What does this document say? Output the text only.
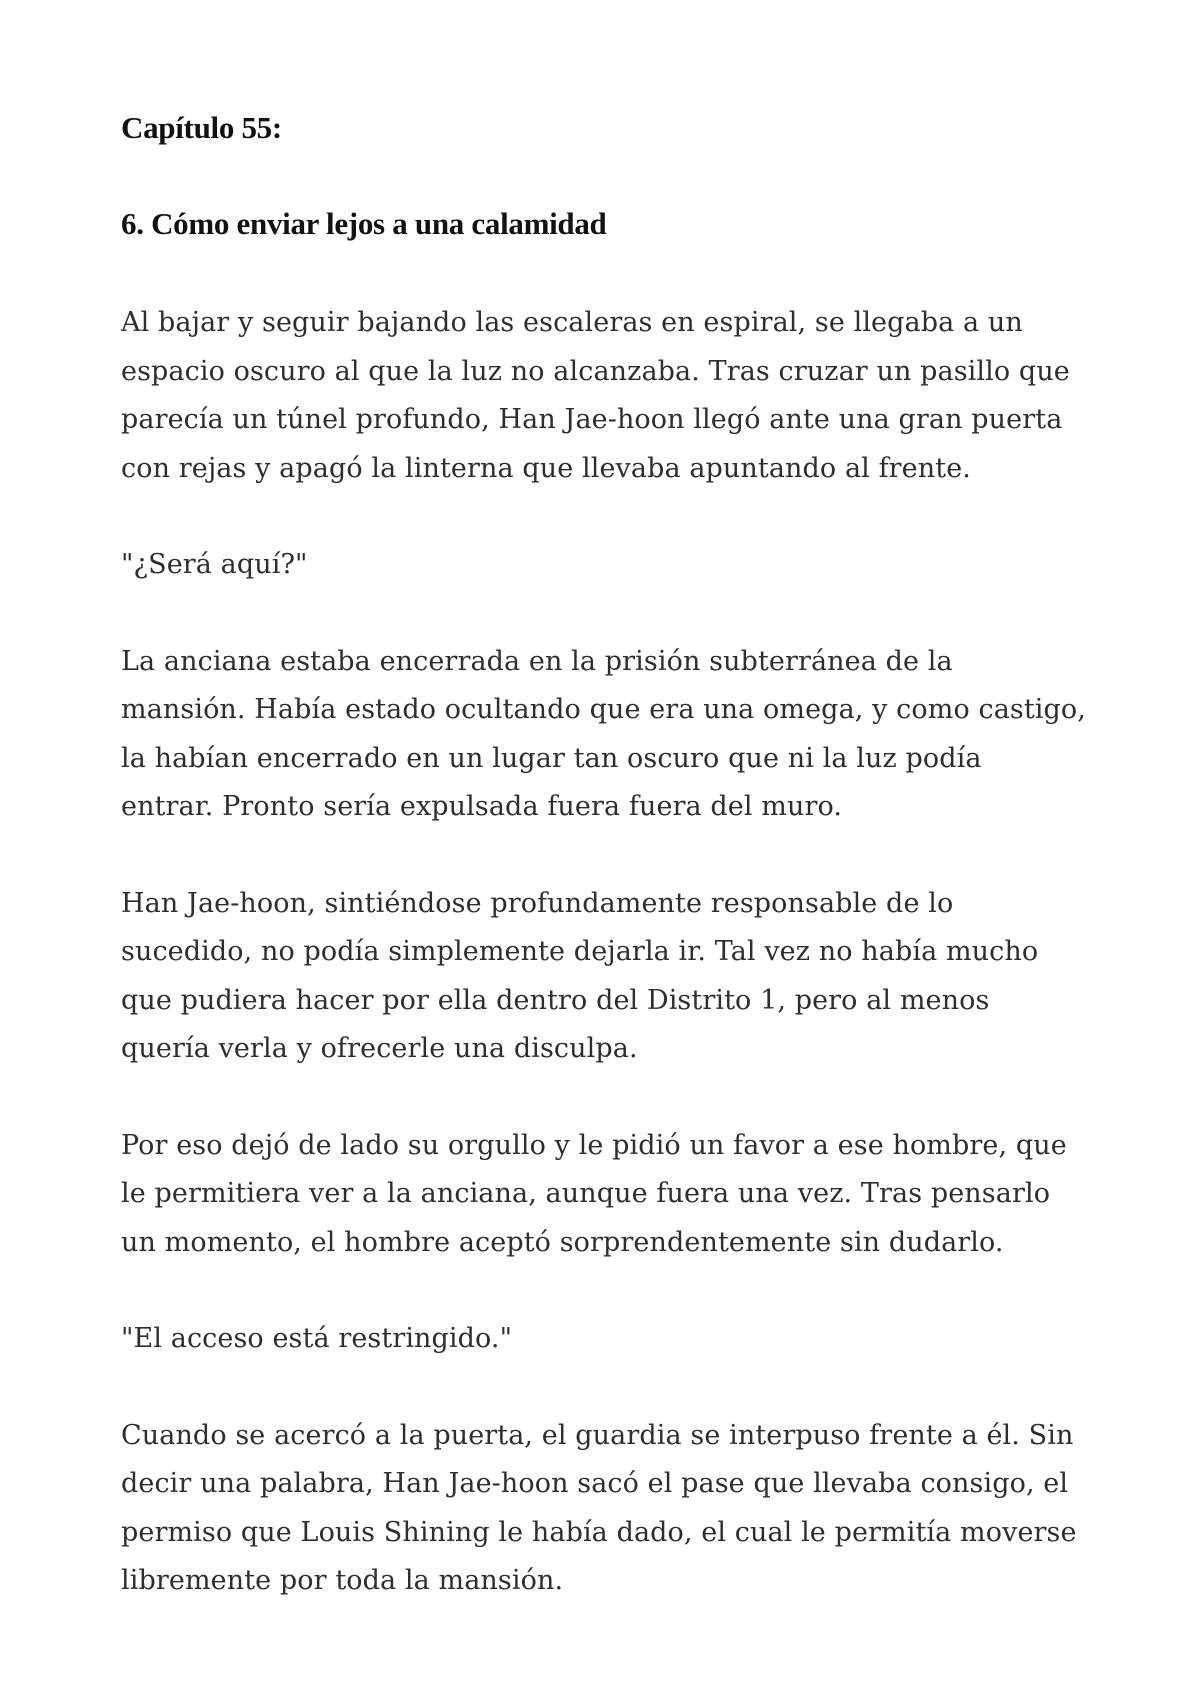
Capítulo 55:
6. Cómo enviar lejos a una calamidad
Al bajar y seguir bajando las escaleras en espiral, se llegaba a un
espacio oscuro al que la luz no alcanzaba. Tras cruzar un pasillo que
parecía un túnel profundo, Han Jae-hoon llegó ante una gran puerta
con rejas y apagó la linterna que llevaba apuntando al frente.
"¿Será aquí?"
La anciana estaba encerrada en la prisión subterránea de la
mansión. Había estado ocultando que era una omega, y como castigo,
la habían encerrado en un lugar tan oscuro que ni la luz podía
entrar. Pronto sería expulsada fuera fuera del muro.
Han Jae-hoon, sintiéndose profundamente responsable de lo
sucedido, no podía simplemente dejarla ir. Tal vez no había mucho
que pudiera hacer por ella dentro del Distrito 1, pero al menos
quería verla y ofrecerle una disculpa.
Por eso dejó de lado su orgullo y le pidió un favor a ese hombre, que
le permitiera ver a la anciana, aunque fuera una vez. Tras pensarlo
un momento, el hombre aceptó sorprendentemente sin dudarlo.
"El acceso está restringido."
Cuando se acercó a la puerta, el guardia se interpuso frente a él. Sin
decir una palabra, Han Jae-hoon sacó el pase que llevaba consigo, el
permiso que Louis Shining le había dado, el cual le permitía moverse
libremente por toda la mansión.
